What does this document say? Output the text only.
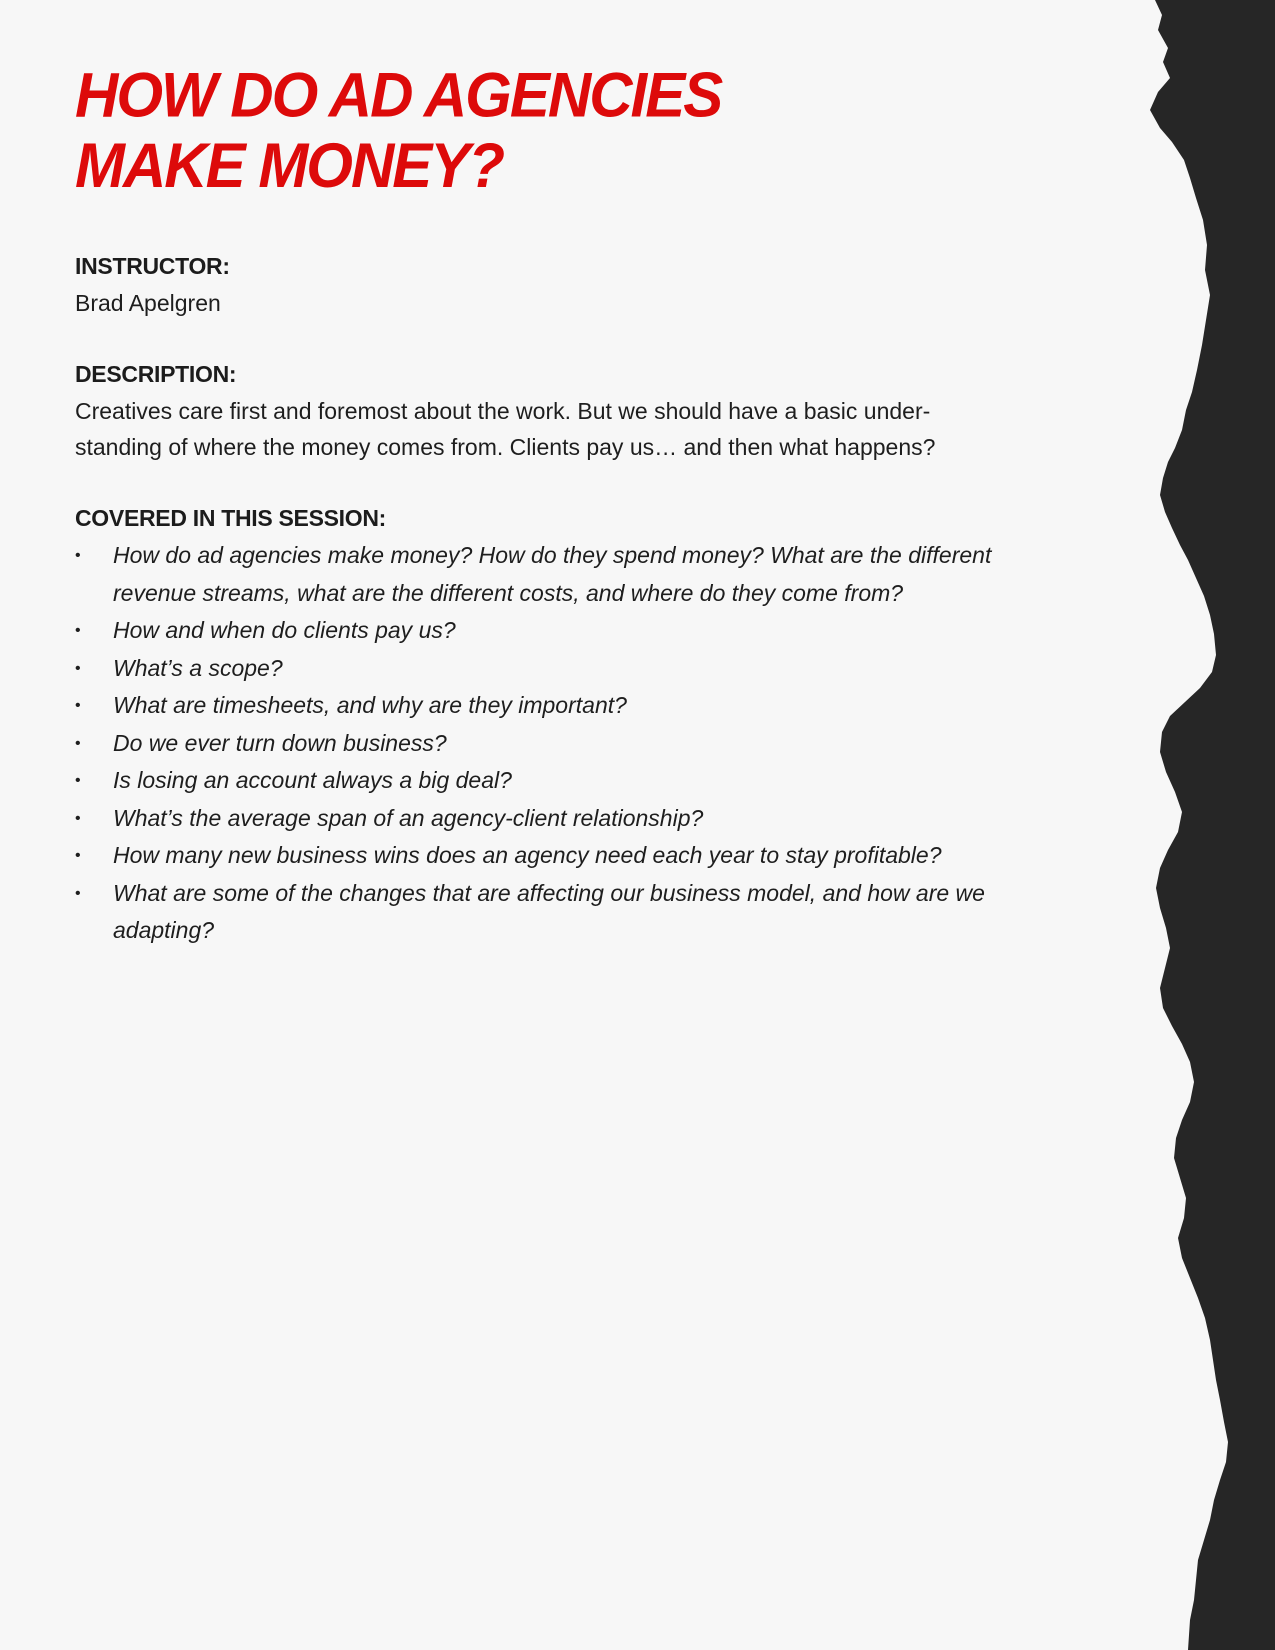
HOW DO AD AGENCIES
MAKE MONEY?
INSTRUCTOR:
Brad Apelgren
DESCRIPTION:
Creatives care first and foremost about the work. But we should have a basic under-standing of where the money comes from. Clients pay us… and then what happens?
COVERED IN THIS SESSION:
• How do ad agencies make money? How do they spend money? What are the different revenue streams, what are the different costs, and where do they come from?
• How and when do clients pay us?
• What’s a scope?
• What are timesheets, and why are they important?
• Do we ever turn down business?
• Is losing an account always a big deal?
• What’s the average span of an agency-client relationship?
• How many new business wins does an agency need each year to stay profitable?
• What are some of the changes that are affecting our business model, and how are we adapting?
